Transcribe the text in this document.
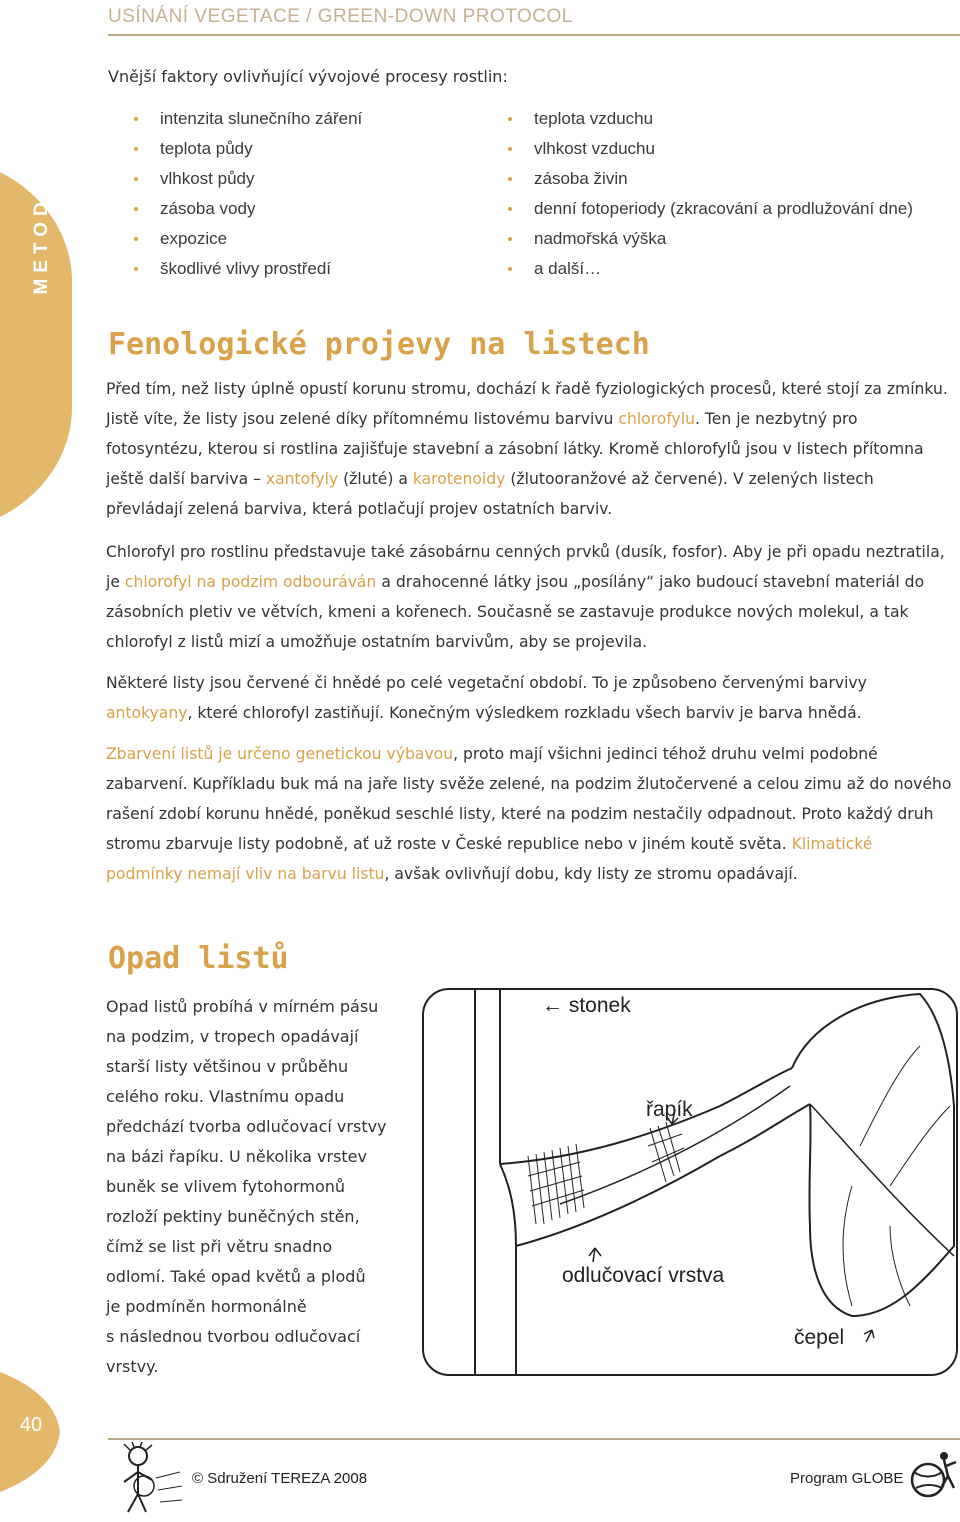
USÍNÁNÍ VEGETACE / GREEN-DOWN PROTOCOL
METODIKA
Vnější faktory ovlivňující vývojové procesy rostlin:
intenzita slunečního záření
teplota půdy
vlhkost půdy
zásoba vody
expozice
škodlivé vlivy prostředí
teplota vzduchu
vlhkost vzduchu
zásoba živin
denní fotoperiody (zkracování a prodlužování dne)
nadmořská výška
a další…
Fenologické projevy na listech

Před tím, než listy úplně opustí korunu stromu, dochází k řadě fyziologických procesů, které stojí za zmínku. Jistě víte, že listy jsou zelené díky přítomnému listovému barvivu chlorofylu. Ten je nezbytný pro fotosyntézu, kterou si rostlina zajišťuje stavební a zásobní látky. Kromě chlorofylů jsou v listech přítomna ještě další barviva – xantofyly (žluté) a karotenoidy (žlutooranžové až červené). V zelených listech převládají zelená barviva, která potlačují projev ostatních barviv.

Chlorofyl pro rostlinu představuje také zásobárnu cenných prvků (dusík, fosfor). Aby je při opadu neztratila, je chlorofyl na podzim odbouráván a drahocenné látky jsou „posílány“ jako budoucí stavební materiál do zásobních pletiv ve větvích, kmeni a kořenech. Současně se zastavuje produkce nových molekul, a tak chlorofyl z listů mizí a umožňuje ostatním barvivům, aby se projevila.

Některé listy jsou červené či hnědé po celé vegetační období. To je způsobeno červenými barvivy antokyany, které chlorofyl zastiňují. Konečným výsledkem rozkladu všech barviv je barva hnědá.

Zbarvení listů je určeno genetickou výbavou, proto mají všichni jedinci téhož druhu velmi podobné zabarvení. Kupříkladu buk má na jaře listy svěže zelené, na podzim žlutočervené a celou zimu až do nového rašení zdobí korunu hnědé, poněkud seschlé listy, které na podzim nestačily odpadnout. Proto každý druh stromu zbarvuje listy podobně, ať už roste v České republice nebo v jiném koutě světa. Klimatické podmínky nemají vliv na barvu listu, avšak ovlivňují dobu, kdy listy ze stromu opadávají.

Opad listů
Opad listů probíhá v mírném pásu
na podzim, v tropech opadávají
starší listy většinou v průběhu
celého roku. Vlastnímu opadu
předchází tvorba odlučovací vrstvy
na bázi řapíku. U několika vrstev
buněk se vlivem fytohormonů
rozloží pektiny buněčných stěn,
čímž se list při větru snadno
odlomí. Také opad květů a plodů
je podmíněn hormonálně
s následnou tvorbou odlučovací
vrstvy.
← stonek
řapík
odlučovací vrstva
čepel
40
© Sdružení TEREZA 2008	Program GLOBE
